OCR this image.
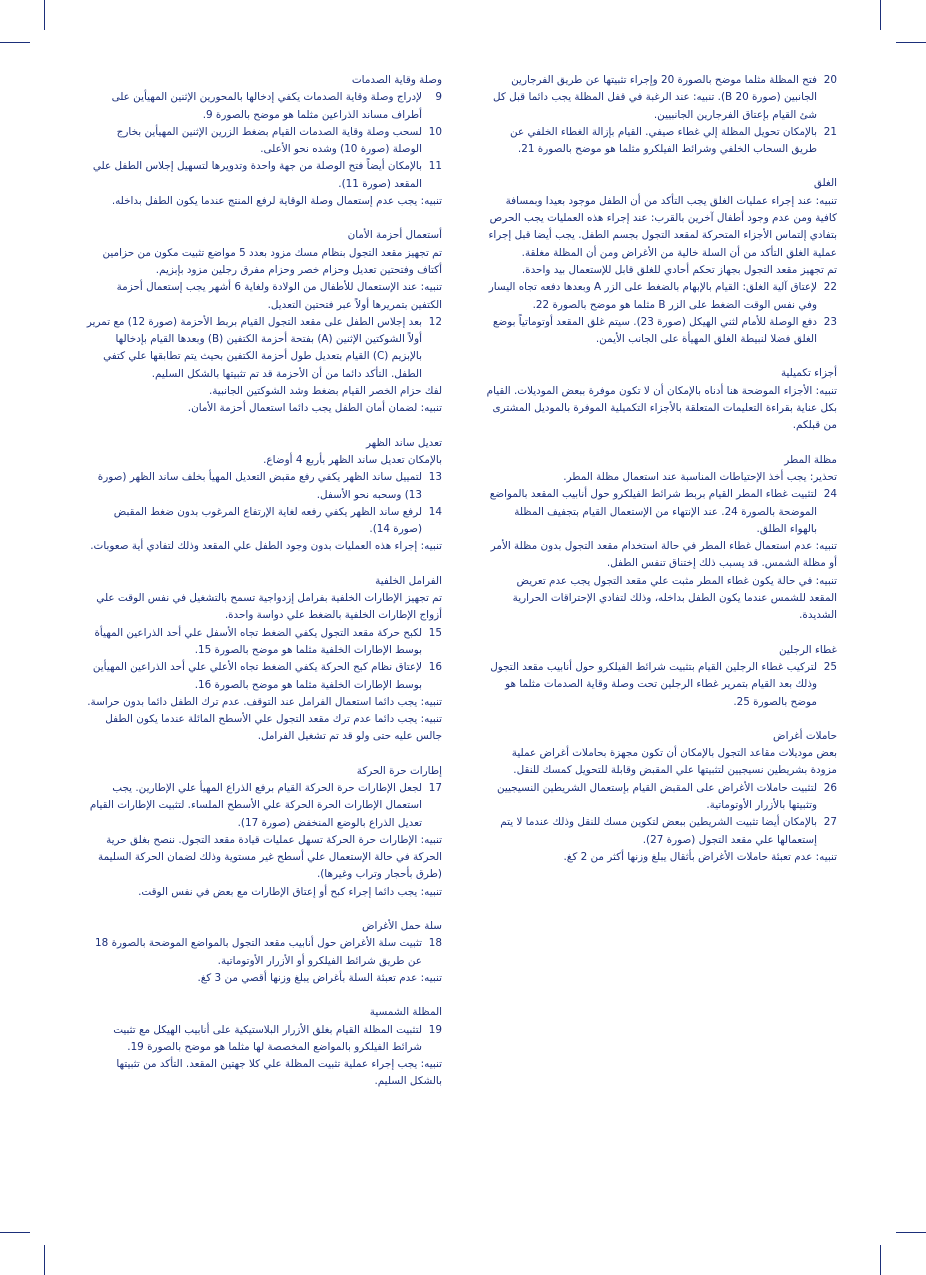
20
فتح المظلة مثلما موضح بالصورة 20 وإجراء تثبيتها عن طريق الفرجارين الجانبين (صورة 20 B). تنبيه: عند الرغبة في قفل المظلة يجب دائما قبل كل شئ القيام بإعتاق الفرجارين الجانبيين.
21
بالإمكان تحويل المظلة إلي غطاء صيفي. القيام بإزالة الغطاء الخلفي عن طريق السحاب الخلفي وشرائط الفيلكرو مثلما هو موضح بالصورة 21.
الغلق
تنبيه: عند إجراء عمليات الغلق يجب التأكد من أن الطفل موجود بعيدا وبمسافة كافية ومن عدم وجود أطفال آخرين بالقرب: عند إجراء هذه العمليات يجب الحرص بتفادي إلتماس الأجزاء المتحركة لمقعد التجول بجسم الطفل. يجب أيضا قبل إجراء عملية الغلق التأكد من أن السلة خالية من الأغراض ومن أن المظلة مغلقة.
تم تجهيز مقعد التجول بجهاز تحكم أحادي للغلق قابل للإستعمال بيد واحدة.
22
لإعتاق آلية الغلق: القيام بالإبهام بالضغط على الزر A وبعدها دفعه تجاه اليسار وفي نفس الوقت الضغط على الزر B مثلما هو موضح بالصورة 22.
23
دفع الوصلة للأمام لثني الهيكل (صورة 23). سيتم غلق المقعد أوتوماتياً بوضع الغلق فضلا لنبيطة الغلق المهيأة على الجانب الأيمن.
أجزاء تكميلية
تنبيه: الأجزاء الموضحة هنا أدناه بالإمكان أن لا تكون موفرة ببعض الموديلات. القيام بكل عناية بقراءة التعليمات المتعلقة بالأجزاء التكميلية الموفرة بالموديل المشترى من قبلكم.
مظلة المطر
تحذير: يجب أخذ الإحتياطات المناسبة عند استعمال مظلة المطر.
24
لتثبيت غطاء المطر القيام بربط شرائط الفيلكرو حول أنابيب المقعد بالمواضع الموضحة بالصورة 24. عند الإنتهاء من الإستعمال القيام بتجفيف المظلة بالهواء الطلق.
تنبيه: عدم استعمال غطاء المطر في حالة استخدام مقعد التجول بدون مظلة الأمر أو مظلة الشمس. قد يسبب ذلك إختناق تنفس الطفل.
تنبيه: في حالة يكون غطاء المطر مثبت علي مقعد التجول يجب عدم تعريض المقعد للشمس عندما يكون الطفل بداخله، وذلك لتفادي الإحتراقات الحرارية الشديدة.
غطاء الرجلين
25
لتركيب غطاء الرجلين القيام بتثبيت شرائط الفيلكرو حول أنابيب مقعد التجول وذلك بعد القيام بتمرير غطاء الرجلين تحت وصلة وقاية الصدمات مثلما هو موضح بالصورة 25.
حاملات أغراض
بعض موديلات مقاعد التجول بالإمكان أن تكون مجهزة بحاملات أغراض عملية مزودة بشريطين نسيجيين لتثبيتها علي المقبض وقابلة للتحويل كمسك للنقل.
26
لتثبيت حاملات الأغراض على المقبض القيام بإستعمال الشريطين النسيجيين وتثبيتها بالأزرار الأوتوماتية.
27
بالإمكان أيضا تثبيت الشريطين ببعض لتكوين مسك للنقل وذلك عندما لا يتم إستعمالها علي مقعد التجول (صورة 27).
تنبيه: عدم تعبئة حاملات الأغراض بأثقال يبلغ وزنها أكثر من 2 كغ.
وصلة وقاية الصدمات
9
لإدراج وصلة وقاية الصدمات يكفي إدخالها بالمحورين الإثنين المهيأين على أطراف مساند الذراعين مثلما هو موضح بالصورة 9.
10
لسحب وصلة وقاية الصدمات القيام بضغط الزرين الإثنين المهيأين بخارج الوصلة (صورة 10) وشده نحو الأعلى.
11
بالإمكان أيضاً فتح الوصلة من جهة واحدة وتدويرها لتسهيل إجلاس الطفل علي المقعد (صورة 11).
تنبيه: يجب عدم إستعمال وصلة الوقاية لرفع المنتج عندما يكون الطفل بداخله.
أستعمال أحزمة الأمان
تم تجهيز مقعد التجول بنظام مسك مزود بعدد 5 مواضع تثبيت مكون من حزامين أكتاف وفتحتين تعديل وحزام خصر وحزام مفرق رجلين مزود بإبزيم.
تنبيه: عند الإستعمال للأطفال من الولادة ولغاية 6 أشهر يجب إستعمال أحزمة الكتفين بتمريرها أولاً عبر فتحتين التعديل.
12
بعد إجلاس الطفل على مقعد التجول القيام بربط الأحزمة (صورة 12) مع تمرير أولاً الشوكتين الإثنين (A) بفتحة أحزمة الكتفين (B) وبعدها القيام بإدخالها بالإبزيم (C) القيام بتعديل طول أحزمة الكتفين بحيث يتم تطابقها علي كتفي الطفل. التأكد دائما من أن الأحزمة قد تم تثبيتها بالشكل السليم.
لفك حزام الخصر القيام بضغط وشد الشوكتين الجانبية.
تنبيه: لضمان أمان الطفل يجب دائما استعمال أحزمة الأمان.
تعديل ساند الظهر
بالإمكان تعديل ساند الظهر بأربع 4 أوضاع.
13
لتمييل ساند الظهر يكفي رفع مقبض التعديل المهيأ بخلف ساند الظهر (صورة 13) وسحبه نحو الأسفل.
14
لرفع ساند الظهر يكفي رفعه لغاية الإرتفاع المرغوب بدون ضغط المقبض (صورة 14).
تنبيه: إجراء هذه العمليات بدون وجود الطفل علي المقعد وذلك لتفادي أية صعوبات.
الفرامل الخلفية
تم تجهيز الإطارات الخلفية بفرامل إزدواجية تسمح بالتشغيل في نفس الوقت علي أزواج الإطارات الخلفية بالضغط علي دواسة واحدة.
15
لكبح حركة مقعد التجول يكفي الضغط تجاه الأسفل علي أحد الذراعين المهيأة بوسط الإطارات الخلفية مثلما هو موضح بالصورة 15.
16
لإعتاق نظام كبح الحركة يكفي الضغط تجاه الأعلي علي أحد الذراعين المهيأين بوسط الإطارات الخلفية مثلما هو موضح بالصورة 16.
تنبيه: يجب دائما استعمال الفرامل عند التوقف. عدم ترك الطفل دائما بدون حراسة.
تنبيه: يجب دائما عدم ترك مقعد التجول علي الأسطح المائلة عندما يكون الطفل جالس عليه حتى ولو قد تم تشغيل الفرامل.
إطارات حرة الحركة
17
لجعل الإطارات حرة الحركة القيام برفع الذراع المهيأ علي الإطارين. يجب استعمال الإطارات الحرة الحركة علي الأسطح الملساء. لتثبيت الإطارات القيام تعديل الذراع بالوضع المنخفض (صورة 17).
تنبيه: الإطارات حرة الحركة تسهل عمليات قيادة مقعد التجول. ننصح بغلق حرية الحركة في حالة الإستعمال علي أسطح غير مستوية وذلك لضمان الحركة السليمة (طرق بأحجار وتراب وغيرها).
تنبيه: يجب دائما إجراء كبح أو إعتاق الإطارات مع بعض في نفس الوقت.
سلة حمل الأغراض
18
تثبيت سلة الأغراض حول أنابيب مقعد التجول بالمواضع الموضحة بالصورة 18 عن طريق شرائط الفيلكرو أو الأزرار الأوتوماتية.
تنبيه: عدم تعبئة السلة بأغراض يبلغ وزنها أقصي من 3 كغ.
المظلة الشمسية
19
لتثبيت المظلة القيام بغلق الأزرار البلاستيكية على أنابيب الهيكل مع تثبيت شرائط الفيلكرو بالمواضع المخصصة لها مثلما هو موضح بالصورة 19.
تنبيه: يجب إجراء عملية تثبيت المظلة علي كلا جهتين المقعد. التأكد من تثبيتها بالشكل السليم.
